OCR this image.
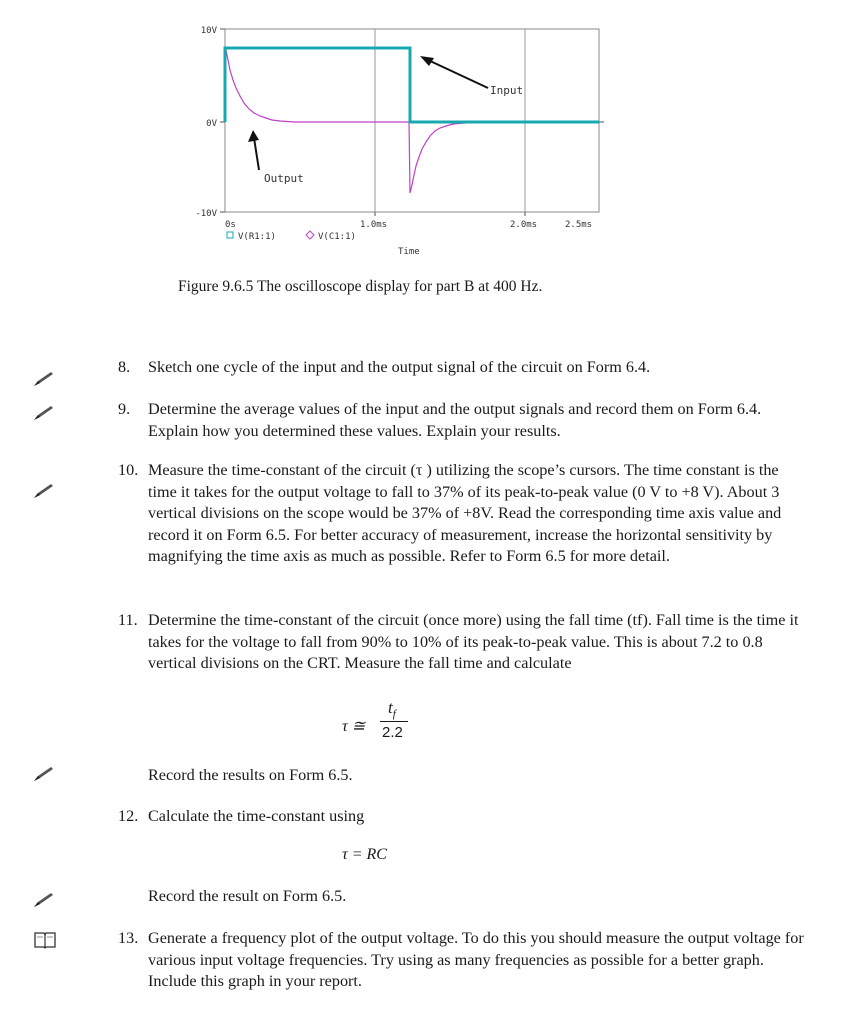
10V
0V
-10V
0s	1.0ms	2.0ms	2.5ms
V(R1:1)	V(C1:1)
Time
Input
Output
Figure 9.6.5 The oscilloscope display for part B at 400 Hz.
8. Sketch one cycle of the input and the output signal of the circuit on Form 6.4.
9. Determine the average values of the input and the output signals and record them on Form 6.4. Explain how you determined these values. Explain your results.
10. Measure the time-constant of the circuit (τ ) utilizing the scope’s cursors. The time constant is the time it takes for the output voltage to fall to 37% of its peak-to-peak value (0 V to +8 V). About 3 vertical divisions on the scope would be 37% of +8V. Read the corresponding time axis value and record it on Form 6.5. For better accuracy of measurement, increase the horizontal sensitivity by magnifying the time axis as much as possible. Refer to Form 6.5 for more detail.
11. Determine the time-constant of the circuit (once more) using the fall time (tf). Fall time is the time it takes for the voltage to fall from 90% to 10% of its peak-to-peak value. This is about 7.2 to 0.8 vertical divisions on the CRT. Measure the fall time and calculate
τ ≅
$t_f$
2.2
Record the results on Form 6.5.
12. Calculate the time-constant using
τ = RC
Record the result on Form 6.5.
13. Generate a frequency plot of the output voltage. To do this you should measure the output voltage for various input voltage frequencies. Try using as many frequencies as possible for a better graph. Include this graph in your report.
